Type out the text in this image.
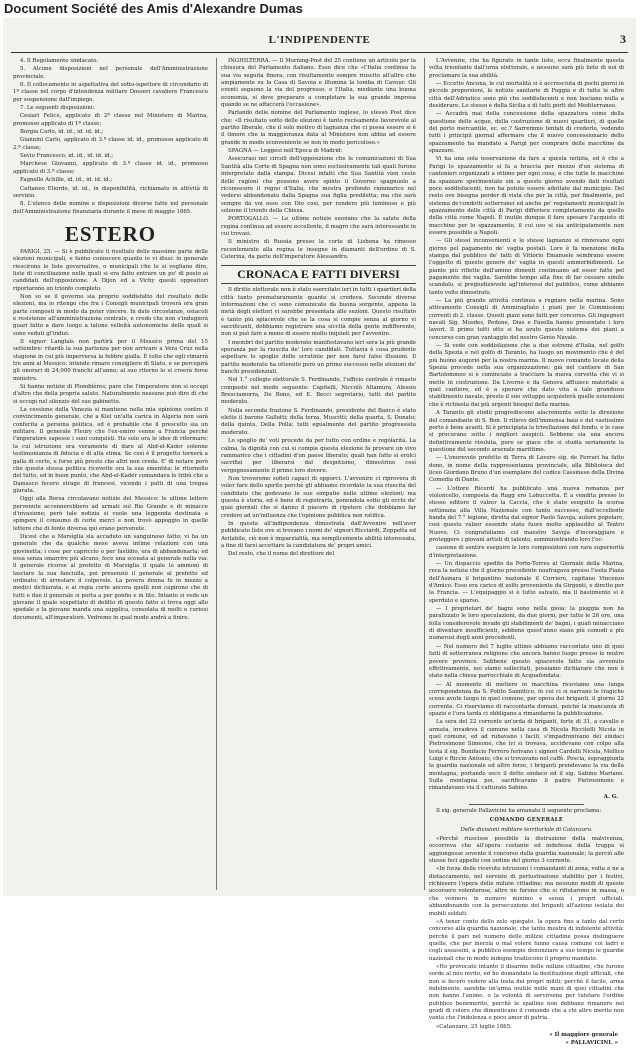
Document Société des Amis d'Alexandre Dumas
L'INDIPENDENTE	3

4. Il Regolamento sindacato.

5. Alcune disposizioni nel personale dell'Amministrazione provinciale.

6. Il collocamento in aspettativa del sotto-ispettore di circondario di 1ª classe nel corpo d'intendenza militare Dosseri cavaliere Francesco per sospensione dall'impiego.

7. Le seguenti disposizioni:

Cesiari Felice, applicato di 2ª classe nel Ministero di Marina, promosso applicato di 1ª classe;

Borgia Carlo, id. id., id. id. id.;

Giannini Carlo, applicato di 3.ª classe id. id., promosso applicato di 2.ª classe;

Sevio Francesco, id. id., id. id. id.;

Marchese Giovanni, applicato di 3.ª classe id. id., promosso applicato di 3.ª classe;

Fagnello Achille, id. id., id. id. id.;

Cattaneo Eliordo, id. id., in disponibilità, richiamato in attività di servizio.

8. L'elenco delle nomine e disposizioni diverse fatte nel personale dell'Amministrazione finanziaria durante il mese di maggio 1865.

ESTERO

PARIGI, 25. — Si è pubblicato il risultato delle massime parte delle elezioni municipali, e fanno conoscere quanto io vi dissi: in generale riescirono le liste governative, o municipali che le si vogliano dire, liste di conciliazione nelle quali si era fatto entrare un po' di posto ai candidati dell'opposizione. A Dijon ed a Vichy questi oppositori riportarono un trionfo completo.

Non so se il governo sia proprio soddisfatto del risultato delle elezioni, ma io ritengo che fra i Consigli municipali troverà ora gran parte composti in modo da poter vincere. In date circostanze, ostacoli e resistenze all'amministrazione centrale, e credo che non s'indugierà guari fatto a dare luogo a talune velleità autonomiche delle quali si sono veduti gl'indizi.

Il signor Langlais non partirà per il Messico prima del 15 settembre: ritardò la sua partenza per non arrivare a Vera Cruz nella stagione in cui più imperversa la febbre gialla. È tolto che egli rimarrà tre anni al Messico; intende rimare consigliere di Stato, e se percepirà gli onorari di 24,000 franchi all'anno; al suo ritorno lo si creerà forse ministro.

Si hanno notizie di Plombières; pare che l'imperatore non si occupi d'altro che della propria salute. Naturalmente nessuno può dire di che si occupi nel silenzio del suo gabinetto.

La cessione della Venezia si mantiene nella mia opinione contro il convincimento generale, che a Kiel un'alta carica in Algeria non sarà conferita a persona politica, ed è probabile che il prescelto sia un militare. Il generale Fleury che l'ex-emiro venne a Francia perché l'imperatore sapesse i suoi conquisti. Ha solo ora le idee di riformare; la cui istruzione era veramente di dare al Abd-el-Kader solenne testimonianza di fiducia e di alta stima. Se così è il progetto tornerà a galla di certo, e forse più presto che altri non creda. E' di notare però che questa stessa politica ricevette ora la sua smentita; le ritornello del tutto, ed in buon punto, che Abd-el-Kader comandava le tribù che a Damasco fecero strage di francesi, vicendo i patti di una tregua giurata.

Oggi alla Borsa circolavano notizie del Messico: le ultime lettere pervenute accennerebbero ad armati sul Rio Grande e di minacce d'invasione; però tale notizia si vuole una leggenda destinata a spingere il consumo di certe merci e non trovò appoggio in quelle lettere che di fonte diversa qui erano pervenute.

Dicesi che a Marsiglia sia accaduto un sanguinoso fatto: vi ha un generale che da qualche mese aveva intime relazioni con una giovinetta; i cose per capriccio o per fastidio, era di abbandonarla; ed essa senza smarrire più alcuno, fece una scenata al generale nella via: il generale ricorse al prefetto di Marsiglia il quale lo ammonì di lasciare la sua fanciulla, poi presenziò il generale al prefetto ed ordinato: di arrestare il colpevole. La povera donna fu in mezzo a medici dichiarata, e ai regia corte ancora quelli non capirono che di tutti e due il generale si porta a per gonfio e in lite. Intanto si vede un giovane il quale sospettato di delitto di questo fatto si trova oggi allo spedale e la giovane manda una supplica, consolata di molti e curiosi documenti, all'imperatore. Vedremo in qual modo andrà a finire.

INGHILTERRA. — Il Morning-Post del 25 contiene un articolo per la chiusura del Parlamento italiano. Esso dice che «l'Italia continua la sua via seguita finora, con risultamento sempre riuscito all'altro che ampiamente su la Casa di Savoia e illumina la tomba di Cavour. Gli eventi seguono la via del progresso, e l'Italia, mediante una buona economia, si deve preparare a completare la sua grande impresa quando se ne affaccerà l'occasione».

Parlando delle nomine del Parlamento inglese, lo stesso Post dice che: «Il risultato sotto delle elezioni è tanto recisamente favorevole al partito liberale, che il solo motivo di lagnanza che ci possa essere si è il timore che la maggioranza data al Ministero non abbia ad essere grande in modo sconveniente se non in modo pericoloso.»

SPAGNA — Leggesi nell'Epoca di Madrid:

Assicurasi nei circoli dell'opposizione che le comunicazioni di Sua Santità alla Corte di Spagna non sono esclusivamente tali quali furono interpretate dalla stampa. Dicesi infatti che Sua Santità vien ceste delle ragioni che possono avere spinto il Governo spagnuolo a riconoscere il regno d'Italia, che mostra profondo rammarico nel vedersi abbandonato dalla Spagna sua figlia prediletta; ma che sarà sempre da voi esso con Dio cosi, per rendere più luminoso e più solenne il trionfo della Chiesa.

PORTOGALLO. — Le ultime notizie suonano che la salute della regina continua ad essere eccellente, il magro che sarà interessante in cui trovasi.

Il ministro di Russia presso la corte di Lisbona ha rimesso recentemente alla regina le insegne in diamanti dell'ordine di S. Caterina, da parte dell'imperatore Alessandro.

CRONACA E FATTI DIVERSI

Il diritto elettorale non è stato esercitato ieri in tutti i quartieri della città tanto prematuramente quanto si credeva. Secondo diverse informazioni che ci sono comunicate da buona sorgente, appena la metà degli elettori vi sarebbe presentata alle sezioni. Questo risultato è tanto più spiacevole che se la cosa si compie senza al giorno vi sacrificanti, dobbiamo registrare una siccità della gente indifferente, non si può fare a meno di essere molto inquieti per l'avvenire.

I membri del partito moderato manifestavano ieri sera la più grande speranza per la riuscita de' loro candidati. Tuttavia è cosa prudente aspettare lo spoglio delle scrutinie per non farsi false illusioni. Il partito moderato ha ottenuto però un primo successo nelle elezioni de' banchi presidenziali.

Nel 1.° collegio elettorale S. Ferdinando, l'ufficio centrale è rimasto composto nel modo seguente: Capitelli, Niccolò Altamura, Alessio Bresciamorra, De Bono, ed E. Becci segretario, tutti del partito moderato.

Nella seconda frazione S. Ferdinando, presidente del Banco è stato eletto il barone Gallotti; della terza, Muscitti; della quarta, S. Donato; della quinta, Della Polla: tutti egualmente del partito progressista moderato.

Lo spoglio de' voti procede da per tutto con ordine e regolarità. La calma, la dignità con cui si compie questa elezione fa provare un vivo rammarico che i cittadini d'un paese liberato; quali han fatto sì erolci sacrifizi per liberarsi dal despotismo, dimostrino così vergognosamente il primo loro dovere.

Non troveremo sofisti capaci di opporci. L'avvenire ci riprovera di voler fare dello spirito perchè gli abbiamo ricordato la sua riuscita del candidato che godevano le sue simpatie nelle ultime elezioni; ma questa è storia, ed è bene di registrarla, ponendola sotto gli occhi de' quai giornali che si danno il piacere di ripetere che dobbiamo far credere ad un'influenza che l'opinione pubblica non ratifica.

In questa all'indipendenza dimostrata dall'Avvenire nell'aver pubblicato liste ove si trovano i nomi de' signori Ricciardi, Zoppetta ed Avitabile, ciò non è imparzialità, ma semplicemente abilità interessata, a fine di farsi accettare la candidatura de' propri amici.

Del resto, che il nome del direttore del

L'Avvenire, che ha figurato in tante liste, eccu finalmente questa volta trionfante dall'urna elettorale, e nessuno sarà più lieto di noi di proclamare la sua abilità.

— Eccetto Ancona, le cui mortalità si è accresciuta di pochi giorni in piccole proporzioni, le notizie sanitarie di Foggia e di tutte le altre città dell'Adriatico sono più che soddisfacenti e non lasciano nulla a desiderare. Lo stesso è della Sicilia e di tutti porti del Mediterraneo.

— Accadrà mai della concessione della spazzatura come della questione delle acque, della costruzione di nuovi quartieri, di quelle del porto mercantile, ec. ec.? Sarremmo tentati di crederlo, vedendo tutti i principii giornal affermare che il nuovo concessionario dello spazzamento ha mandato a Parigi per comprare delle macchine da spazzare.

Vi ha una sola osservazione da fare a questa notizia, ed è che a Parigi lo spazzamento si fa a braccia per mezzo d'un sistema di cantonieri organizzati a ottimo per ogni cosa, e che tutte le macchine da spazzare sperimentate sin a questo giorno avendo dati risultati poco soddisfacenti, non ha potuto essere adottate dal municipio. Del resto ove bisogna perder di vista che per la città, per finalmente, pel sistema de'condotti sotterranei ed anche pe' regolamenti municipali lo spazzamento delle città di Parigi differisce completamente da quello della città come Napoli. È inutile dunque il fare spesare l'acquisto di macchine per lo spazzamento, il cui uso si sia anticipatamente non essere possibile a Napoli.

— Gli stessi inconvenienti e le stesse lagnanze si rinnovano ogni giorno pel pagamento de' vaglia postali. Lore è fa menzione della stampa dal pubblico de' fatti di Vittorio Emanuele sembrano essere l'oggetto di questo genere de' vaglia in questi ammorbidimenti. Le piante più riflette dell'amino dimenti continuano ad esser fatte pel pagamento dei vaglia. Sarebbe tempo alla fine di far cessare simile scandalo, si pregiudizievole agl'interessi del pubblico, come abbiamo tante volte dimostrato.

— La più grande attività continua a regnare nella marina. Sono attivamente Consigli di Ammiragliato i piani per le Commissioni correnti di 2. classe. Questi piani sono fatti per concorso. Gli ingegneri navali Sig. Mosdes, Pedone, Dias e Fasella hanno presentato i loro lavori. Il primo tutti otto si ha avuto questo sistema dei piani a concorso con gran vantaggio del nostro Genio Navale.

— Si vede con soddisfazione che a due estremi d'Italia, nel golfo della Spezia e nel golfo di Taranto, ha luogo un movimento che è del più buono augurio per la nostra marina. Il nuovo comando locale della Spezia procede nella sua organizzazione; già nel cantiere di San Bartolommeo si è cominciato a tracciare la nuova corvetta che vi si mette in costruzione. Da Livorno e da Genova affluisce materiale a quel cantiere, ed è a sperare che dato vita a tale grandioso stabilimento navale, presto il suo sviluppo acquisterà quelle estensioni che è richiesta dai più urgenti bisogni della marina.

A Taranto gli studii progrediscono alacremente sotto la direzione del comandante di S. Bon. Il rilievo dell'immensa baia e del vastissimo porto è bene avanti. Si è principiata la trivellazione del fondo, e le case si procurano sotto i migliori auspicii. Sebbene sia una ancora definitivamente risoluta, pure se giace che si studia seriamente la questione del secondo arsenale marittimo.

— L'onorevole prefetto di Terra di Lavoro sig. de Ferrari ha fatto dono, in nome della rappresentanza provinciale, alla Biblioteca del liceo Giordano Bruno d'un esemplare del codice Cassinese della Divina Comedia di Dante.

— L'ottore Ricordi ha pubblicato una nuova romanza per violoncello, composta da Rugg ero Lobuccetta. È a vendita presso lo stesso editore il valzer la Caccia, che è stato eseguito la scorsa settimana alla Villa Nazionale con tanto successo, dall'eccellente banda del 7.° legione, diretta dal signor Paolo Savoja, autore popolare, cosi questo valzer essendo stato fuore molto applaudito al Teatro Nuovo. Ci congratuliamo col maestro Savoja d'incoraggiare e proteggere i giovani artisti di talento, somministrando loro l'oc-

casione di sentire eseguire le loro composizioni con rara superiorità d'interpretazione.

— Un dispaccio spedito da Porto-Torres al Giornale della Marina, reca la notizia che il giorno precedente naufragava presso l'isola Piana dell'Asinara il brigantino nazionale il Corriere, capitano Vincenzo d'Amico. Esso era carico di zolfo proveniente da Girgenti, e diretto per la Francia. — L'equipaggio si è tutto salvato, ma il bastimento si è sperduto e sparso.

— I proprietari de' bagni sono nella gioia: la pioggia non ha paralizzato le loro speculazioni, da due giorni, per tutte le 26 ore, una folla considerevole invade gli stabilimenti de' bagni, i quali minacciano di diventare insufficienti, sebbene quest'anno siano più comodi e più numerosi degli anni precedenti.

— Nel numero del 7 luglio ultimo abbiamo raccontato uno di quei fatti di sotterranea religione che ancora hanno luogo presso le nostre povere province. Sebbene questo spiacevole fatto sia avvenuto effettivamente, noi siamo sollecitati, possiamo dichiarare che non è stato nella chiesa parrocchiale di Acquafondata.

— Al momento di mettere in macchina riceviamo una lunga corrispondenza da S. Potito Sannitico, in cui ci si narrano le tragiche scene avute luogo in quel comune, per opera dei briganti, il giorno 22 corrente. Ci riserviamo di raccontarla domani, poiché la mancanza di spazio e l'ora tarda ci obbligano a rimandarne la pubblicazione.

La sera del 22 corrente un'orda di briganti, forte di 31, a cavallo e armata, invadeva il comune nella casa di Nicola Riccitelli Nicola in quel comune, ed ad rubavano i facili, s'impadronivano dei sindaci Pietrosimone Simeone, che ivi si trovava, uccidevano con colpo alla testa il sig. Bonifacio Ferrero ferivano i signori Cardelli Nicola, Mollico Luigi e Riccio Antonio, che si trovavano nel caffè. Poscia, sopraggiunta la guardia nazionale ed altre forze, i briganti prendevano la via della montagna, portando seco il detto sindaco ed il sig. Sabino Mariano. Sulla montagna poi, sacrificavano il padre Pietrosimone e rimandavano via il catturato Sabino.

A. G.

Il sig. generale Pallavicini ha emanato il seguente proclama:

COMANDO GENERALE

Delle divisioni militare territoriale di Catanzaro.

«Perchè riuscisse possibile la distruzione della malvivenza, occorreva che all'opera costante ed indefessa della truppa si aggiungesse sovente il concorso della guardia nazionale; la perciò alle stesse feci appello con ordine del giorno 3 corrente.

«In forza delle ricevute istruzioni i comandanti di zona, volta a ne a distaccamento, nel servizio di perlustrazione stabilito per i festivi, richiesero l'opera delle milizie cittadine; ma nessuno meldi di queste accorsero volenterose, altre ne furono che si rifiutarono in massa, o che vennero in numero minimo e senza i propri ufficiali, abbandonando con la persecuzione dei briganti all'azione isolata dei mobili soldati.

«A tener conto dello zelo spiegato, la opera fino a tanto dal certo concorso alla guardia nazionale, che tanto mostra di indolente attività: perchè il pari nel numero delle milizie cittadine possa distinguere quelle, che per inerzia o mal volere fanno causa comune coi ladri e cogli assassini, a pubblico esempio denunziare a suo tempo le guardie nazionali che in modo indegno tradiscono il proprio mandato.

«Ho provocato intanto il disarmo delle milizie cittadine, che furono sorde al mio invito, ed ho domandato la destituzione degli ufficiali, che non si fecero vedere alla testa dei propri militi; perchè il facile, arma fedelmente, sarebbe un'arma inutile nelle mani di quei cittadini che non hanno l'animo, o la volontà di servirsene per tutelare l'ordine pubblico benemerito, perchè le spalline non debbano rimanere nei gradi di coloro che dimenticano il comando che a chi altro merito non vanta che l'indolenza e poco amor di patria.

«Catanzaro, 25 luglio 1865.

« Il maggiore generale

« PALLAVICINI. »
